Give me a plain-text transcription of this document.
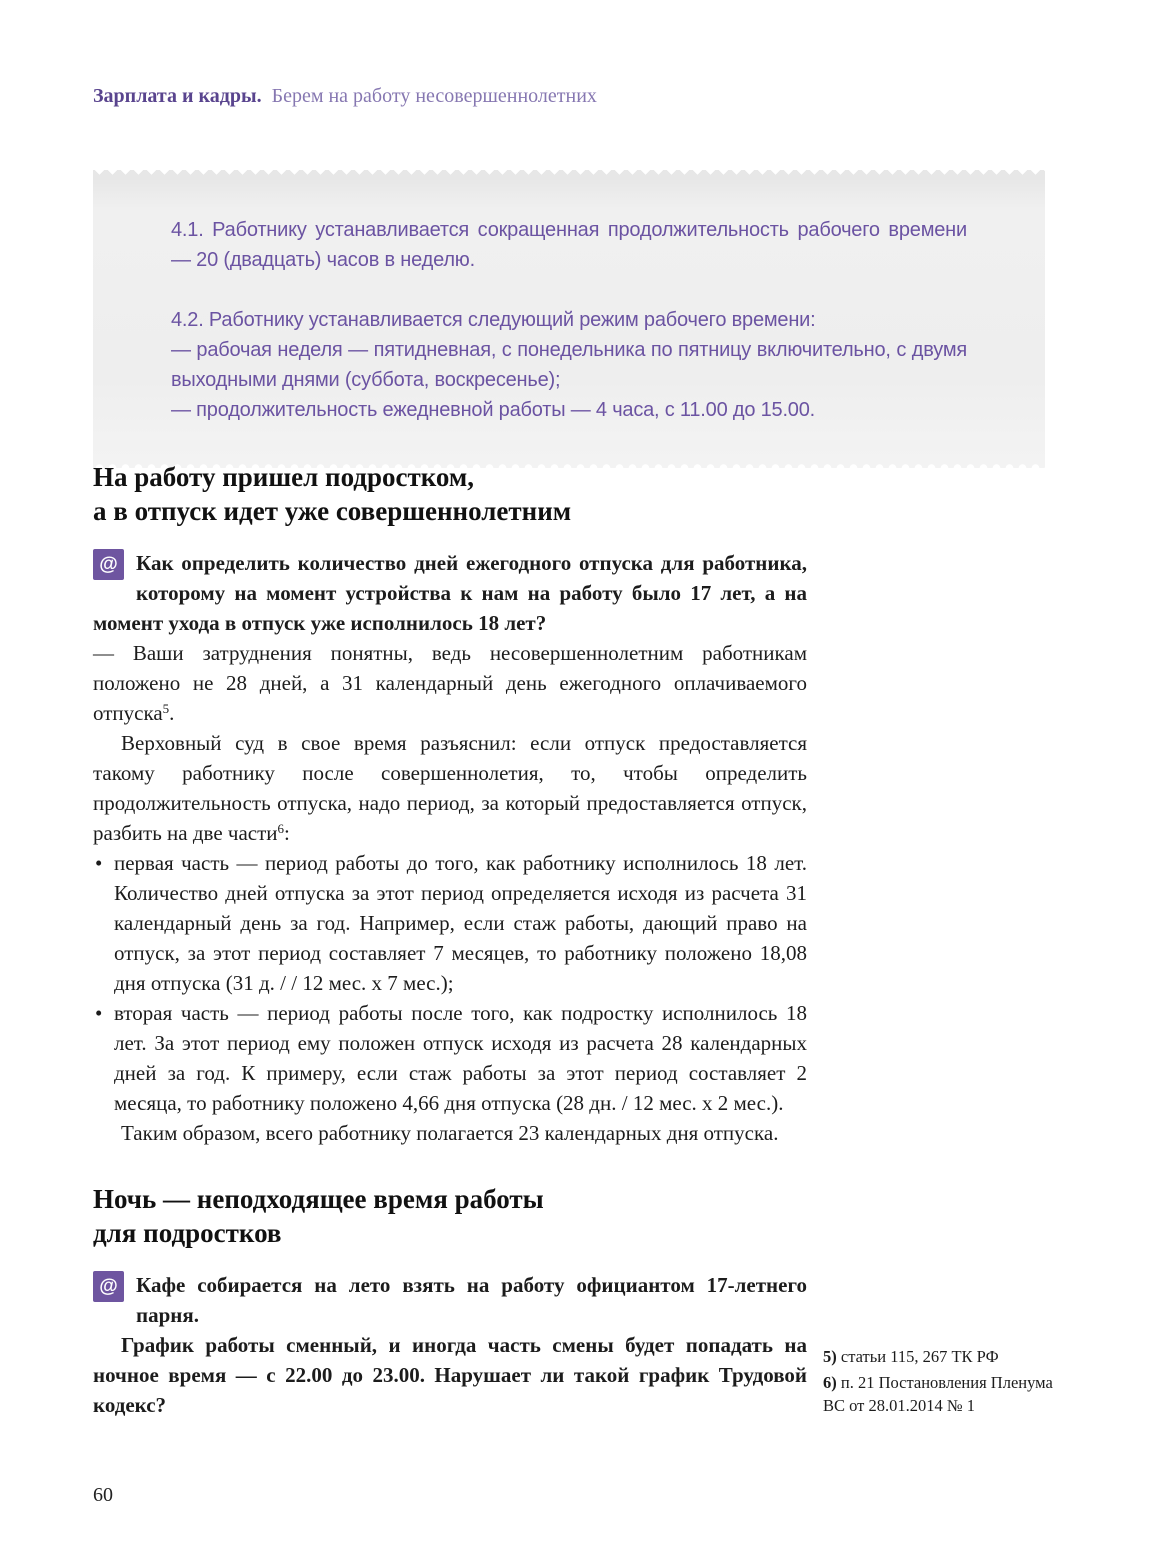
Зарплата и кадры. Берем на работу несовершеннолетних

4.1. Работнику устанавливается сокращенная продолжительность рабочего времени — 20 (двадцать) часов в неделю.

4.2. Работнику устанавливается следующий режим рабочего времени:

— рабочая неделя — пятидневная, с понедельника по пятницу включительно, с двумя выходными днями (суббота, воскресенье);

— продолжительность ежедневной работы — 4 часа, с 11.00 до 15.00.

На работу пришел подростком,
а в отпуск идет уже совершеннолетним

@ Как определить количество дней ежегодного отпуска для работника, которому на момент устройства к нам на работу было 17 лет, а на момент ухода в отпуск уже исполнилось 18 лет?

— Ваши затруднения понятны, ведь несовершеннолетним работникам положено не 28 дней, а 31 календарный день ежегодного оплачиваемого отпуска$^5$.

Верховный суд в свое время разъяснил: если отпуск предоставляется такому работнику после совершеннолетия, то, чтобы определить продолжительность отпуска, надо период, за который предоставляется отпуск, разбить на две части$^6$:

• первая часть — период работы до того, как работнику исполнилось 18 лет. Количество дней отпуска за этот период определяется исходя из расчета 31 календарный день за год. Например, если стаж работы, дающий право на отпуск, за этот период составляет 7 месяцев, то работнику положено 18,08 дня отпуска (31 д. / / 12 мес. х 7 мес.);
• вторая часть — период работы после того, как подростку исполнилось 18 лет. За этот период ему положен отпуск исходя из расчета 28 календарных дней за год. К примеру, если стаж работы за этот период составляет 2 месяца, то работнику положено 4,66 дня отпуска (28 дн. / 12 мес. х 2 мес.).

Таким образом, всего работнику полагается 23 календарных дня отпуска.

Ночь — неподходящее время работы
для подростков

@ Кафе собирается на лето взять на работу официантом 17-летнего парня.

График работы сменный, и иногда часть смены будет попадать на ночное время — с 22.00 до 23.00. Нарушает ли такой график Трудовой кодекс?

5) статьи 115, 267 ТК РФ

6) п. 21 Постановления Пленума ВС от 28.01.2014 № 1

60
